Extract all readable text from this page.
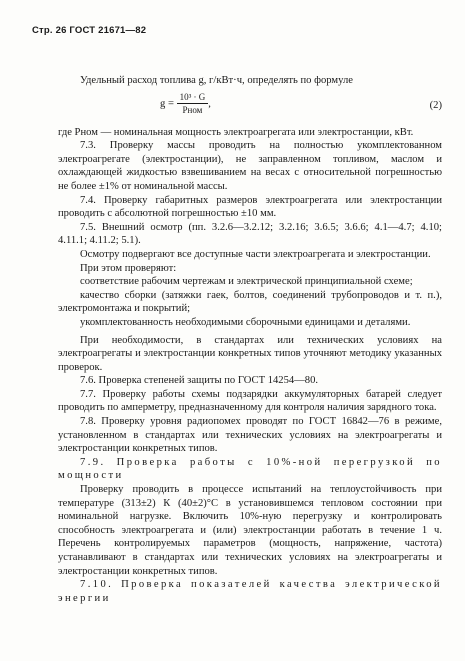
Стр. 26 ГОСТ 21671—82

Удельный расход топлива g, г/кВт·ч, определять по формуле

$g = \frac{\text{10³ · G}}{\text{Pном}}$ ,	(2)

где Pном — номинальная мощность электроагрегата или электростанции, кВт.

7.3. Проверку массы проводить на полностью укомплектованном электроагрегате (электростанции), не заправленном топливом, маслом и охлаждающей жидкостью взвешиванием на весах с относительной погрешностью не более ±1% от номинальной массы.

7.4. Проверку габаритных размеров электроагрегата или электростанции проводить с абсолютной погрешностью ±10 мм.

7.5. Внешний осмотр (пп. 3.2.6—3.2.12; 3.2.16; 3.6.5; 3.6.6; 4.1—4.7; 4.10; 4.11.1; 4.11.2; 5.1).

Осмотру подвергают все доступные части электроагрегата и электростанции.

При этом проверяют:

соответствие рабочим чертежам и электрической принципиальной схеме;

качество сборки (затяжки гаек, болтов, соединений трубопроводов и т. п.), электромонтажа и покрытий;

укомплектованность необходимыми сборочными единицами и деталями.

При необходимости, в стандартах или технических условиях на электроагрегаты и электростанции конкретных типов уточняют методику указанных проверок.

7.6. Проверка степеней защиты по ГОСТ 14254—80.

7.7. Проверку работы схемы подзарядки аккумуляторных батарей следует проводить по амперметру, предназначенному для контроля наличия зарядного тока.

7.8. Проверку уровня радиопомех проводят по ГОСТ 16842—76 в режиме, установленном в стандартах или технических условиях на электроагрегаты и электростанции конкретных типов.

7.9. Проверка работы с 10%-ной перегрузкой по мощности

Проверку проводить в процессе испытаний на теплоустойчивость при температуре (313±2) К (40±2)°С в установившемся тепловом состоянии при номинальной нагрузке. Включить 10%-ную перегрузку и контролировать способность электроагрегата и (или) электростанции работать в течение 1 ч. Перечень контролируемых параметров (мощность, напряжение, частота) устанавливают в стандартах или технических условиях на электроагрегаты и электростанции конкретных типов.

7.10. Проверка показателей качества электрической энергии
